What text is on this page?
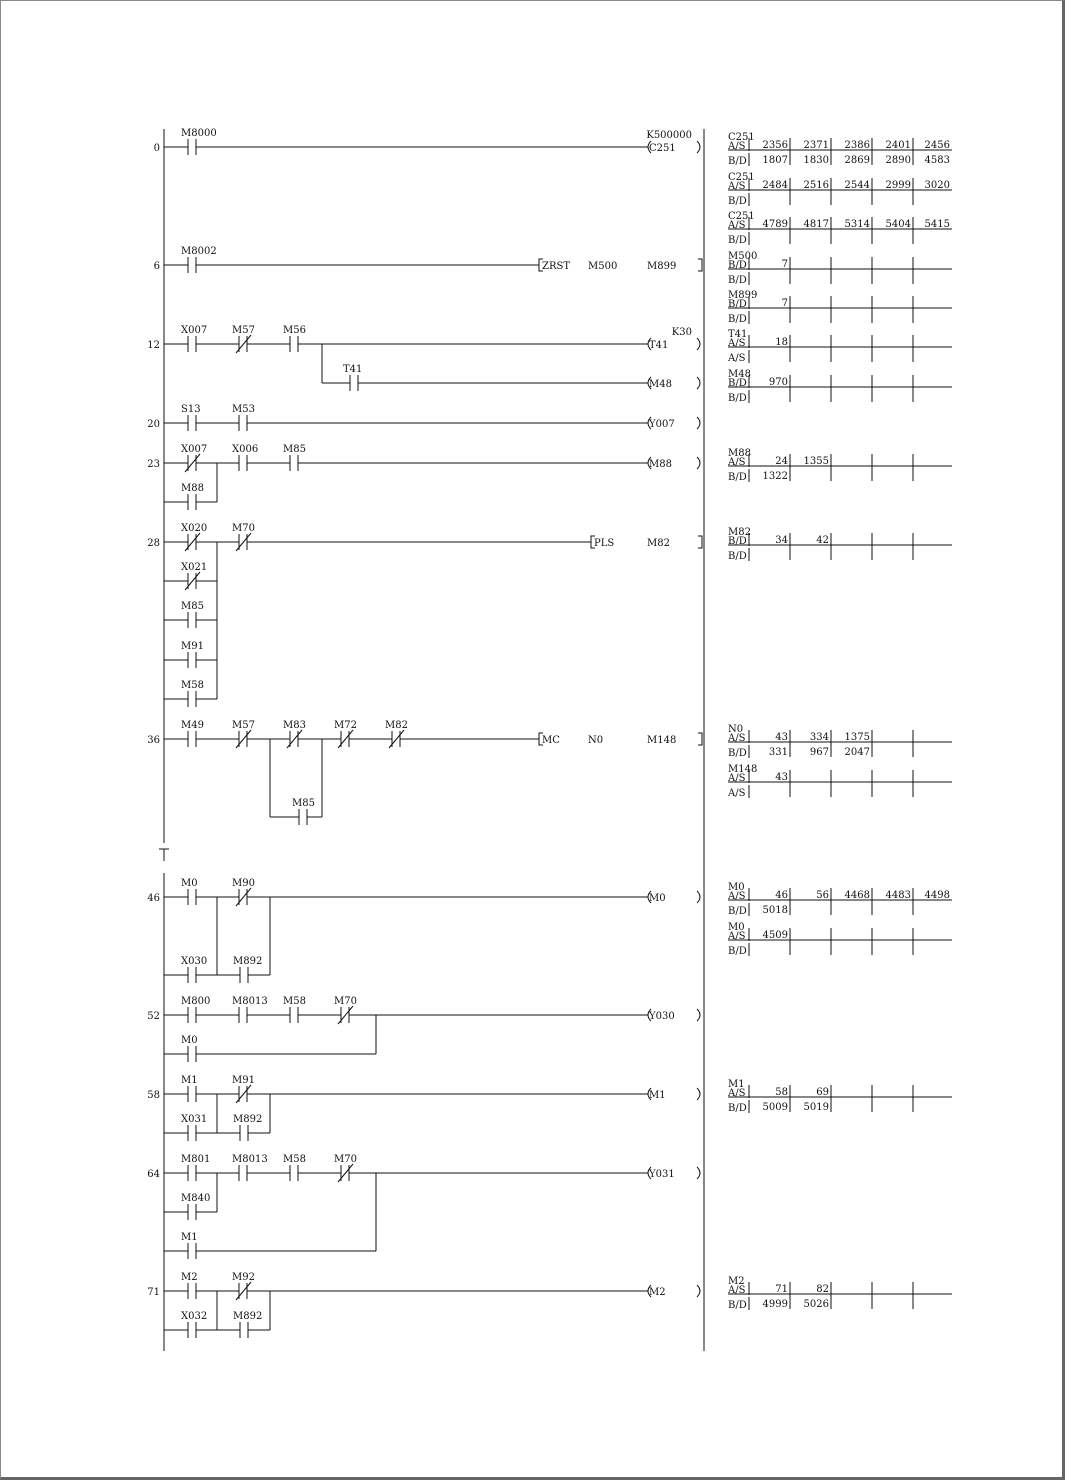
0
M8000
C251
K500000
6
M8002
ZRST M500	M899
12
X007 M57	M56
T41
K30
T41
M48
20
S13	M53
Y007
23
X007 X006 M85
M88
M88
28
X020 M70
PLS	M82
X021
M85
M91
M58
36
M49	M57	M83	M72	M82
MC	N0	M148
M85
46
M0	M90
M0
X030	M892
52
M800 M8013 M58	M70
Y030
M0
58
M1	M91
M1
X031	M892
64
M801 M8013 M58	M70
Y031
M840
M1
71
M2	M92
M2
X032	M892
C251
A/S 2356 2371 2386 2401 2456
B/D 1807 1830 2869 2890 4583
C251
A/S 2484 2516 2544 2999 3020
B/D
C251
A/S 4789 4817 5314 5404 5415
B/D
M500
B/D	7
B/D
M899
B/D	7
B/D
T41
A/S	18
A/S
M48
B/D 970
B/D
M88
A/S	24 1355
B/D 1322
M82
B/D	34	42
B/D
N0
A/S	43 334 1375
B/D 331 967 2047
M148
A/S	43
A/S
M0
A/S	46	56 4468 4483 4498
B/D 5018
M0
A/S 4509
B/D
M1
A/S	58	69
B/D 5009 5019
M2
A/S	71	82
B/D 4999 5026
